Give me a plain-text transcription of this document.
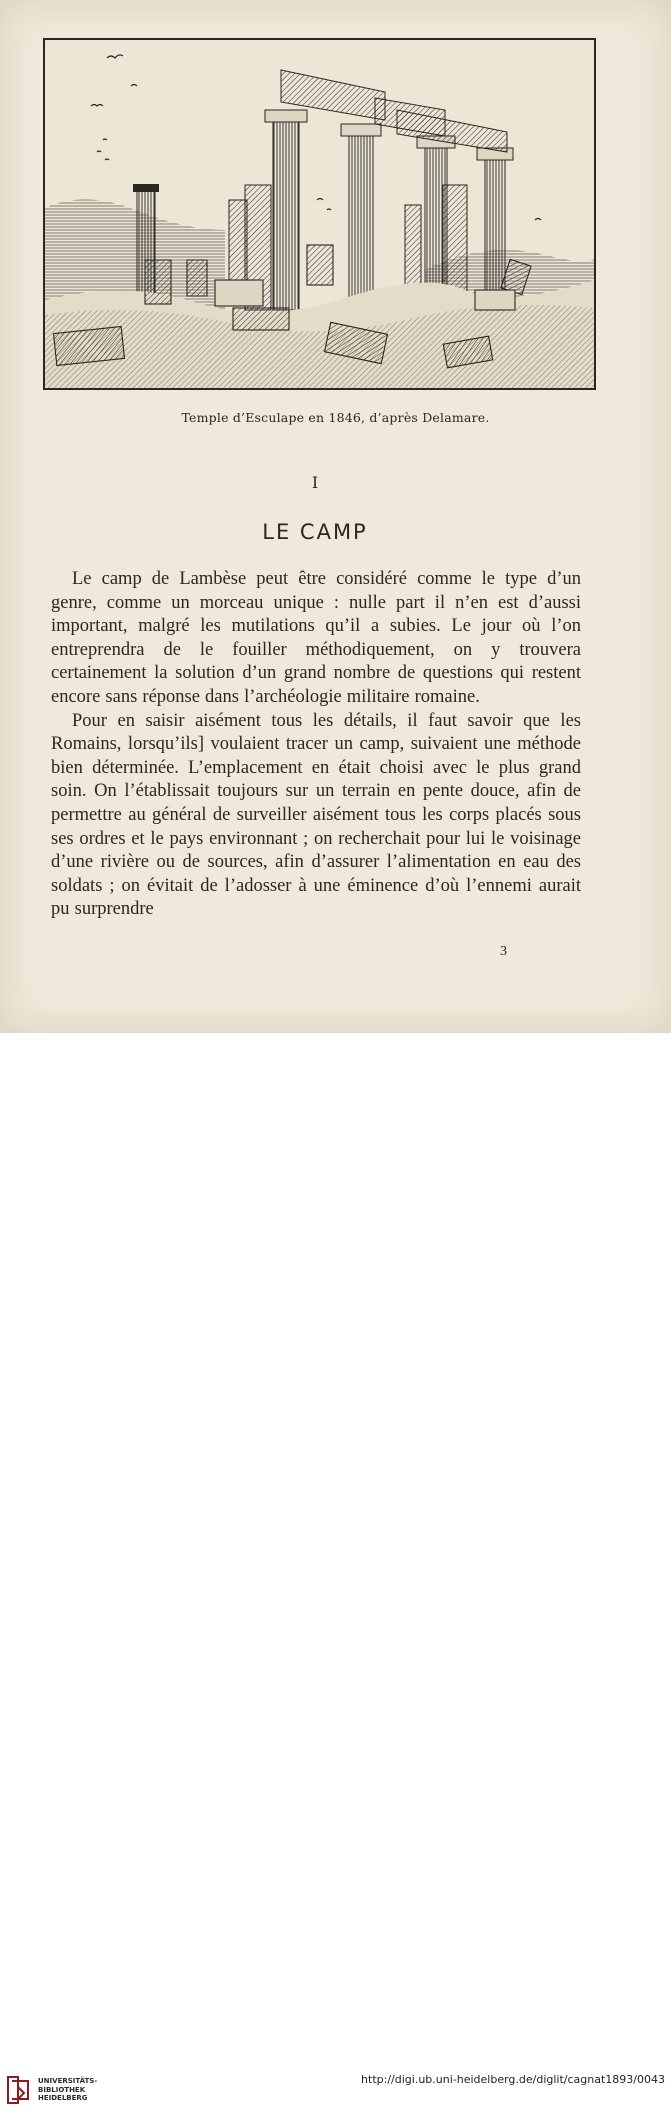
Temple d’Esculape en 1846, d’après Delamare.
I
LE CAMP

Le camp de Lambèse peut être considéré comme le type d’un genre, comme un morceau unique : nulle part il n’en est d’aussi important, malgré les mutilations qu’il a subies. Le jour où l’on entreprendra de le fouiller méthodiquement, on y trouvera certainement la solution d’un grand nombre de questions qui restent encore sans réponse dans l’archéologie militaire romaine.

Pour en saisir aisément tous les détails, il faut savoir que les Romains, lorsqu’ils] voulaient tracer un camp, suivaient une méthode bien déterminée. L’emplacement en était choisi avec le plus grand soin. On l’établissait toujours sur un terrain en pente douce, afin de permettre au général de surveiller aisément tous les corps placés sous ses ordres et le pays environnant ; on recherchait pour lui le voisinage d’une rivière ou de sources, afin d’assurer l’alimentation en eau des soldats ; on évitait de l’adosser à une éminence d’où l’ennemi aurait pu surprendre

3
UNIVERSITÄTS-
BIBLIOTHEK
HEIDELBERG
http://digi.ub.uni-heidelberg.de/diglit/cagnat1893/0043
